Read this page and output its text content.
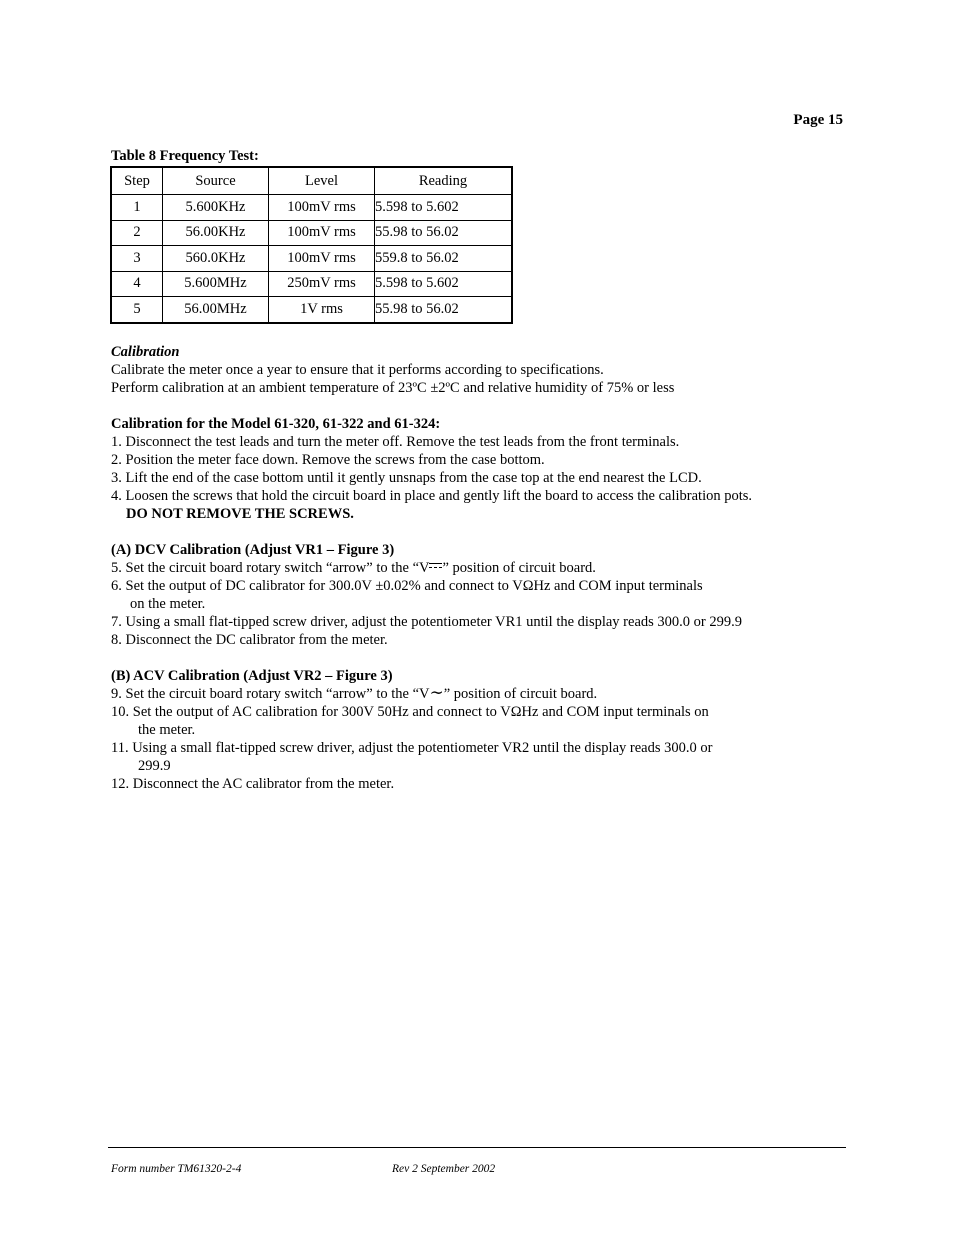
Page 15
Table 8 Frequency Test:
Step	Source	Level	Reading
1	5.600KHz	100mV rms	5.598 to 5.602
2	56.00KHz	100mV rms	55.98 to 56.02
3	560.0KHz	100mV rms	559.8 to 56.02
4	5.600MHz	250mV rms	5.598 to 5.602
5	56.00MHz	1V rms	55.98 to 56.02

Calibration

Calibrate the meter once a year to ensure that it performs according to specifications.

Perform calibration at an ambient temperature of 23ºC ±2ºC and relative humidity of 75% or less

Calibration for the Model 61-320, 61-322 and 61-324:

1. Disconnect the test leads and turn the meter off. Remove the test leads from the front terminals.

2. Position the meter face down. Remove the screws from the case bottom.

3. Lift the end of the case bottom until it gently unsnaps from the case top at the end nearest the LCD.

4. Loosen the screws that hold the circuit board in place and gently lift the board to access the calibration pots.

DO NOT REMOVE THE SCREWS.

(A) DCV Calibration (Adjust VR1 – Figure 3)

5. Set the circuit board rotary switch “arrow” to the “V ” position of circuit board.

6. Set the output of DC calibrator for 300.0V ±0.02% and connect to VΩHz and COM input terminals

on the meter.

7. Using a small flat-tipped screw driver, adjust the potentiometer VR1 until the display reads 300.0 or 299.9

8. Disconnect the DC calibrator from the meter.

(B) ACV Calibration (Adjust VR2 – Figure 3)

9. Set the circuit board rotary switch “arrow” to the “V∼” position of circuit board.

10. Set the output of AC calibration for 300V 50Hz and connect to VΩHz and COM input terminals on

the meter.

11. Using a small flat-tipped screw driver, adjust the potentiometer VR2 until the display reads 300.0 or

299.9

12. Disconnect the AC calibrator from the meter.

Form number TM61320-2-4	Rev 2 September 2002
